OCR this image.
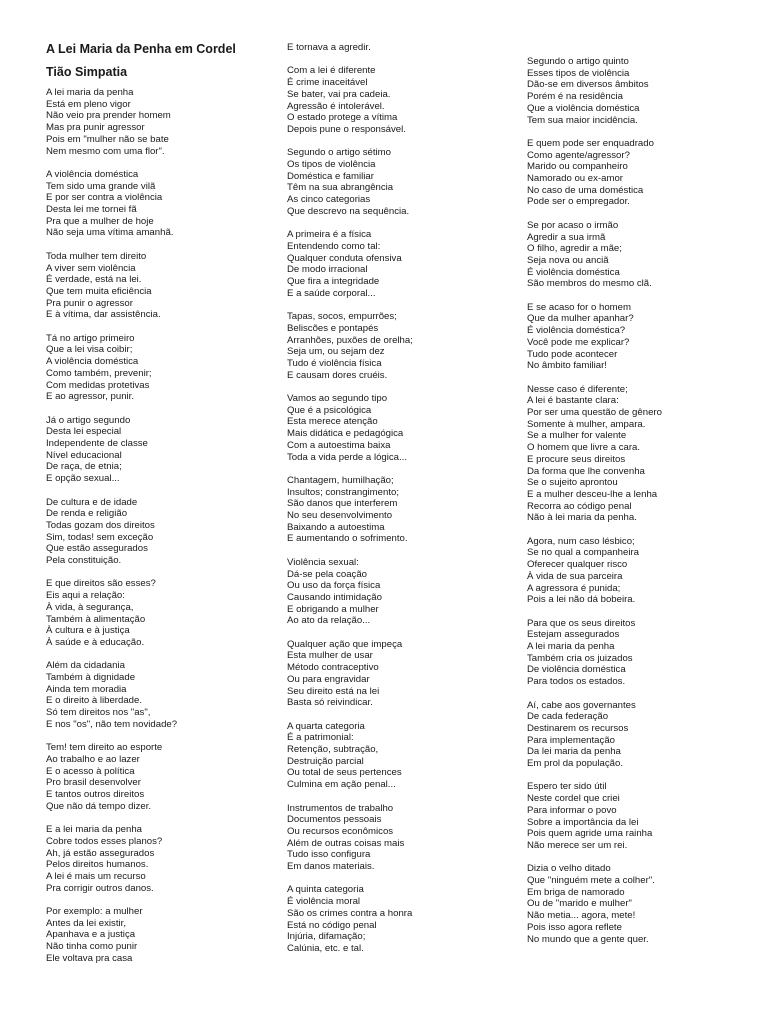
A Lei Maria da Penha em Cordel
Tião Simpatia
A lei maria da penha
Está em pleno vigor
Não veio pra prender homem
Mas pra punir agressor
Pois em "mulher não se bate
Nem mesmo com uma flor".
A violência doméstica
Tem sido uma grande vilã
E por ser contra a violência
Desta lei me tornei fã
Pra que a mulher de hoje
Não seja uma vítima amanhã.
Toda mulher tem direito
A viver sem violência
É verdade, está na lei.
Que tem muita eficiência
Pra punir o agressor
E à vítima, dar assistência.
Tá no artigo primeiro
Que a lei visa coibir;
A violência doméstica
Como também, prevenir;
Com medidas protetivas
E ao agressor, punir.
Já o artigo segundo
Desta lei especial
Independente de classe
Nível educacional
De raça, de etnia;
E opção sexual...
De cultura e de idade
De renda e religião
Todas gozam dos direitos
Sim, todas! sem exceção
Que estão assegurados
Pela constituição.
E que direitos são esses?
Eis aqui a relação:
À vida, à segurança,
Também à alimentação
À cultura e à justiça
À saúde e à educação.
Além da cidadania
Também à dignidade
Ainda tem moradia
E o direito à liberdade.
Só tem direitos nos "as",
E nos "os", não tem novidade?
Tem! tem direito ao esporte
Ao trabalho e ao lazer
E o acesso à política
Pro brasil desenvolver
E tantos outros direitos
Que não dá tempo dizer.
E a lei maria da penha
Cobre todos esses planos?
Ah, já estão assegurados
Pelos direitos humanos.
A lei é mais um recurso
Pra corrigir outros danos.
Por exemplo: a mulher
Antes da lei existir,
Apanhava e a justiça
Não tinha como punir
Ele voltava pra casa
E tornava a agredir.
Com a lei é diferente
É crime inaceitável
Se bater, vai pra cadeia.
Agressão é intolerável.
O estado protege a vítima
Depois pune o responsável.
Segundo o artigo sétimo
Os tipos de violência
Doméstica e familiar
Têm na sua abrangência
As cinco categorias
Que descrevo na sequência.
A primeira é a física
Entendendo como tal:
Qualquer conduta ofensiva
De modo irracional
Que fira a integridade
E a saúde corporal...
Tapas, socos, empurrões;
Beliscões e pontapés
Arranhões, puxões de orelha;
Seja um, ou sejam dez
Tudo é violência física
E causam dores cruéis.
Vamos ao segundo tipo
Que é a psicológica
Esta merece atenção
Mais didática e pedagógica
Com a autoestima baixa
Toda a vida perde a lógica...
Chantagem, humilhação;
Insultos; constrangimento;
São danos que interferem
No seu desenvolvimento
Baixando a autoestima
E aumentando o sofrimento.
Violência sexual:
Dá-se pela coação
Ou uso da força física
Causando intimidação
E obrigando a mulher
Ao ato da relação...
Qualquer ação que impeça
Esta mulher de usar
Método contraceptivo
Ou para engravidar
Seu direito está na lei
Basta só reivindicar.
A quarta categoria
É a patrimonial:
Retenção, subtração,
Destruição parcial
Ou total de seus pertences
Culmina em ação penal...
Instrumentos de trabalho
Documentos pessoais
Ou recursos econômicos
Além de outras coisas mais
Tudo isso configura
Em danos materiais.
A quinta categoria
É violência moral
São os crimes contra a honra
Está no código penal
Injúria, difamação;
Calúnia, etc. e tal.
Segundo o artigo quinto
Esses tipos de violência
Dão-se em diversos âmbitos
Porém é na residência
Que a violência doméstica
Tem sua maior incidência.
E quem pode ser enquadrado
Como agente/agressor?
Marido ou companheiro
Namorado ou ex-amor
No caso de uma doméstica
Pode ser o empregador.
Se por acaso o irmão
Agredir a sua irmã
O filho, agredir a mãe;
Seja nova ou anciã
É violência doméstica
São membros do mesmo clã.
E se acaso for o homem
Que da mulher apanhar?
É violência doméstica?
Você pode me explicar?
Tudo pode acontecer
No âmbito familiar!
Nesse caso é diferente;
A lei é bastante clara:
Por ser uma questão de gênero
Somente à mulher, ampara.
Se a mulher for valente
O homem que livre a cara.
E procure seus direitos
Da forma que lhe convenha
Se o sujeito aprontou
E a mulher desceu-lhe a lenha
Recorra ao código penal
Não à lei maria da penha.
Agora, num caso lésbico;
Se no qual a companheira
Oferecer qualquer risco
À vida de sua parceira
A agressora é punida;
Pois a lei não dá bobeira.
Para que os seus direitos
Estejam assegurados
A lei maria da penha
Também cria os juizados
De violência doméstica
Para todos os estados.
Aí, cabe aos governantes
De cada federação
Destinarem os recursos
Para implementação
Da lei maria da penha
Em prol da população.
Espero ter sido útil
Neste cordel que criei
Para informar o povo
Sobre a importância da lei
Pois quem agride uma rainha
Não merece ser um rei.
Dizia o velho ditado
Que "ninguém mete a colher".
Em briga de namorado
Ou de "marido e mulher"
Não metia... agora, mete!
Pois isso agora reflete
No mundo que a gente quer.
